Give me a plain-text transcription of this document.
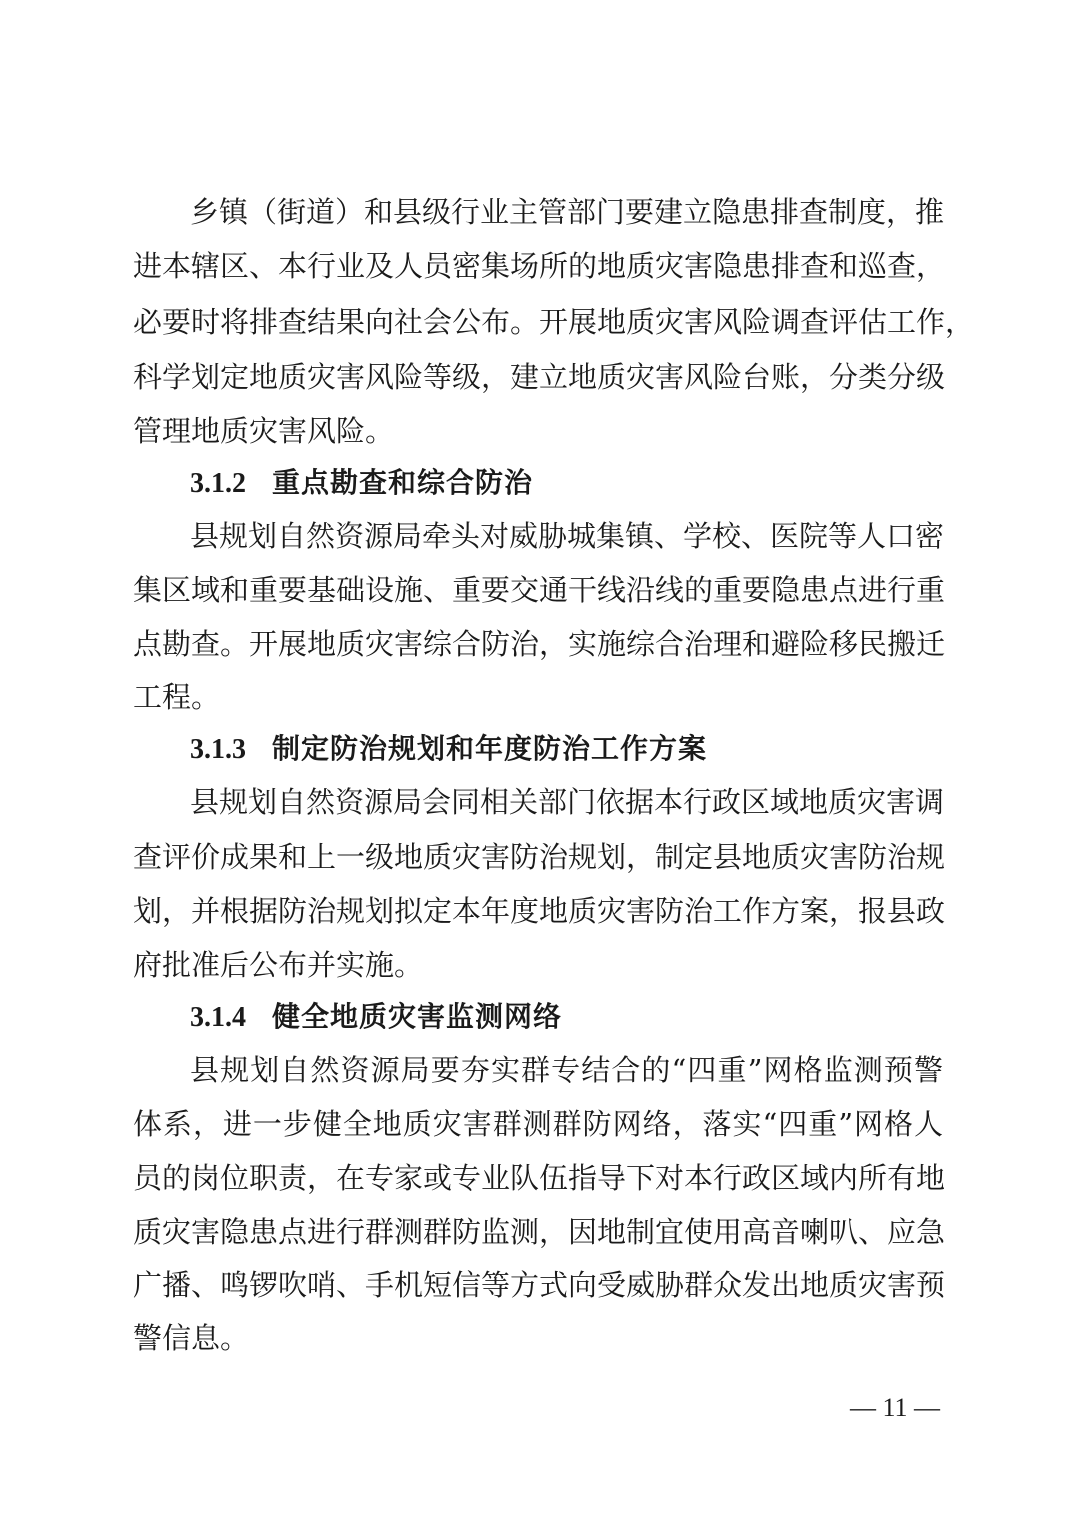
乡镇（街道）和县级行业主管部门要建立隐患排查制度，推
进本辖区、本行业及人员密集场所的地质灾害隐患排查和巡查，
必要时将排查结果向社会公布。开展地质灾害风险调查评估工作，
科学划定地质灾害风险等级，建立地质灾害风险台账，分类分级
管理地质灾害风险。
3.1.2 重点勘查和综合防治
县规划自然资源局牵头对威胁城集镇、学校、医院等人口密
集区域和重要基础设施、重要交通干线沿线的重要隐患点进行重
点勘查。开展地质灾害综合防治，实施综合治理和避险移民搬迁
工程。
3.1.3 制定防治规划和年度防治工作方案
县规划自然资源局会同相关部门依据本行政区域地质灾害调
查评价成果和上一级地质灾害防治规划，制定县地质灾害防治规
划，并根据防治规划拟定本年度地质灾害防治工作方案，报县政
府批准后公布并实施。
3.1.4 健全地质灾害监测网络
县规划自然资源局要夯实群专结合的“四重”网格监测预警
体系，进一步健全地质灾害群测群防网络，落实“四重”网格人
员的岗位职责，在专家或专业队伍指导下对本行政区域内所有地
质灾害隐患点进行群测群防监测，因地制宜使用高音喇叭、应急
广播、鸣锣吹哨、手机短信等方式向受威胁群众发出地质灾害预
警信息。
— 11 —
